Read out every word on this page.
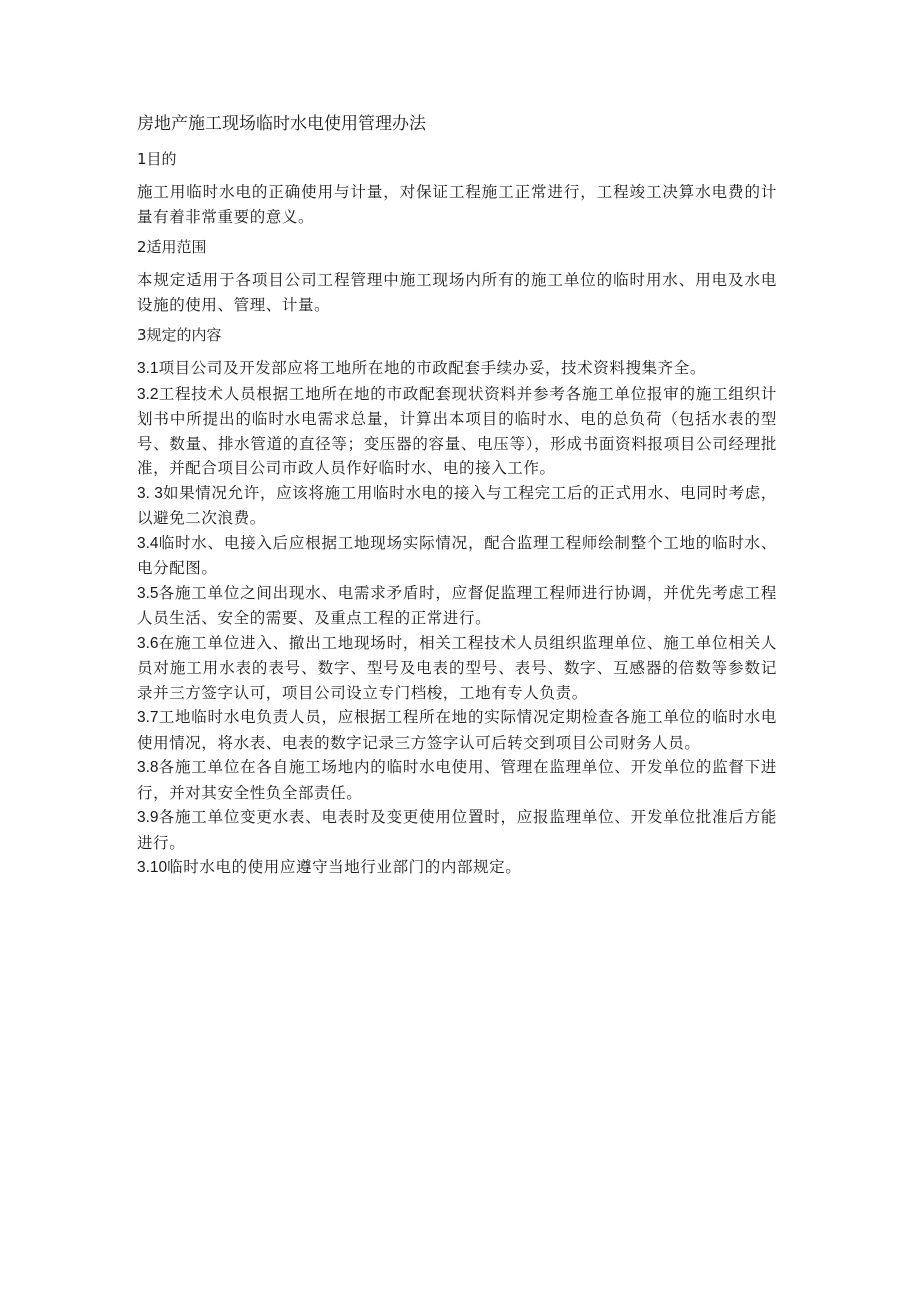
房地产施工现场临时水电使用管理办法
1目的
施工用临时水电的正确使用与计量，对保证工程施工正常进行，工程竣工决算水电费的计量有着非常重要的意义。
2适用范围
本规定适用于各项目公司工程管理中施工现场内所有的施工单位的临时用水、用电及水电设施的使用、管理、计量。
3规定的内容
3.1项目公司及开发部应将工地所在地的市政配套手续办妥，技术资料搜集齐全。
3.2工程技术人员根据工地所在地的市政配套现状资料并参考各施工单位报审的施工组织计划书中所提出的临时水电需求总量，计算出本项目的临时水、电的总负荷（包括水表的型号、数量、排水管道的直径等；变压器的容量、电压等），形成书面资料报项目公司经理批准，并配合项目公司市政人员作好临时水、电的接入工作。
3. 3如果情况允许，应该将施工用临时水电的接入与工程完工后的正式用水、电同时考虑，以避免二次浪费。
3.4临时水、电接入后应根据工地现场实际情况，配合监理工程师绘制整个工地的临时水、电分配图。
3.5各施工单位之间出现水、电需求矛盾时，应督促监理工程师进行协调，并优先考虑工程人员生活、安全的需要、及重点工程的正常进行。
3.6在施工单位进入、撤出工地现场时，相关工程技术人员组织监理单位、施工单位相关人员对施工用水表的表号、数字、型号及电表的型号、表号、数字、互感器的倍数等参数记录并三方签字认可，项目公司设立专门档梭，工地有专人负责。
3.7工地临时水电负责人员，应根据工程所在地的实际情况定期检查各施工单位的临时水电使用情况，将水表、电表的数字记录三方签字认可后转交到项目公司财务人员。
3.8各施工单位在各自施工场地内的临时水电使用、管理在监理单位、开发单位的监督下进行，并对其安全性负全部责任。
3.9各施工单位变更水表、电表时及变更使用位置时，应报监理单位、开发单位批准后方能进行。
3.10临时水电的使用应遵守当地行业部门的内部规定。
